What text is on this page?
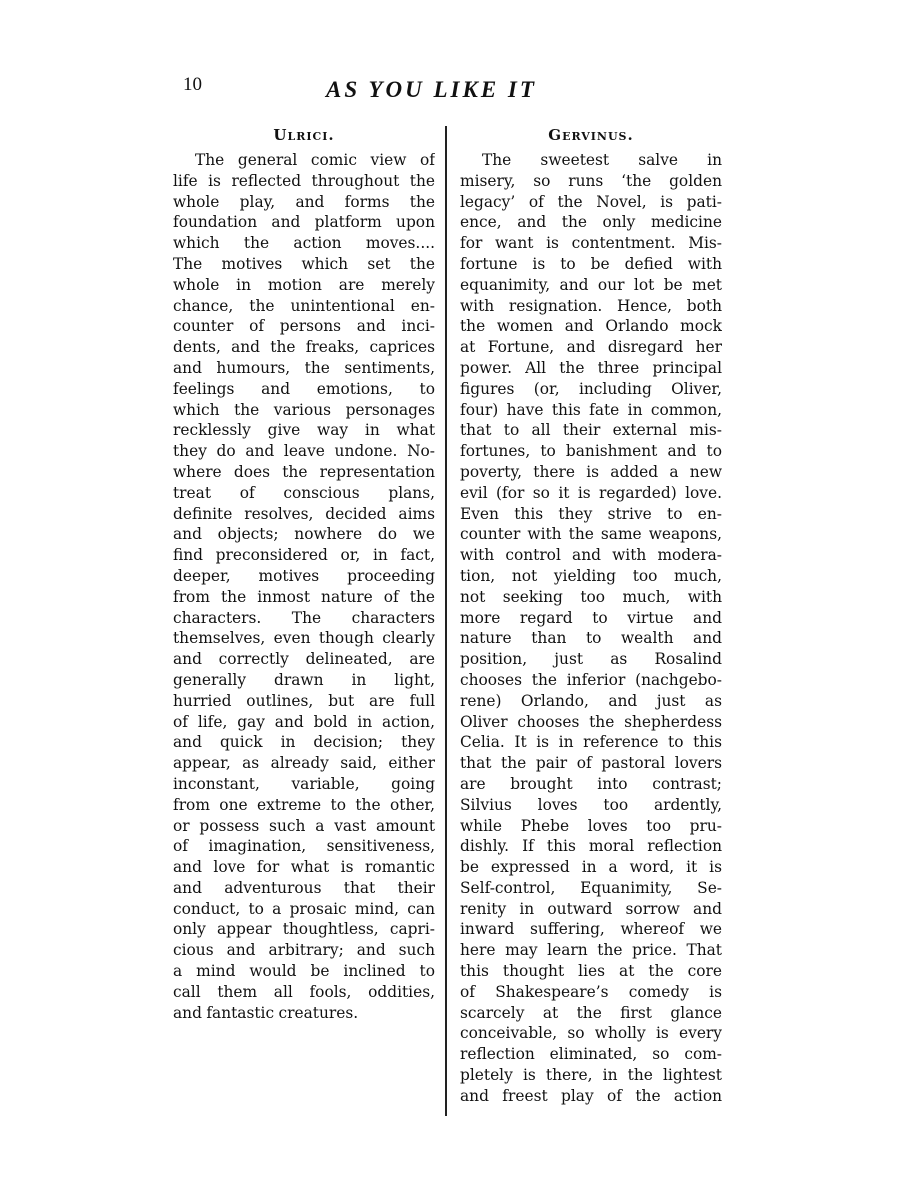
10	AS YOU LIKE IT
Ulrici.
The general comic view of
life is reflected throughout the
whole play, and forms the
foundation and platform upon
which the action moves....
The motives which set the
whole in motion are merely
chance, the unintentional en-
counter of persons and inci-
dents, and the freaks, caprices
and humours, the sentiments,
feelings and emotions, to
which the various personages
recklessly give way in what
they do and leave undone. No-
where does the representation
treat of conscious plans,
definite resolves, decided aims
and objects; nowhere do we
find preconsidered or, in fact,
deeper, motives proceeding
from the inmost nature of the
characters. The characters
themselves, even though clearly
and correctly delineated, are
generally drawn in light,
hurried outlines, but are full
of life, gay and bold in action,
and quick in decision; they
appear, as already said, either
inconstant, variable, going
from one extreme to the other,
or possess such a vast amount
of imagination, sensitiveness,
and love for what is romantic
and adventurous that their
conduct, to a prosaic mind, can
only appear thoughtless, capri-
cious and arbitrary; and such
a mind would be inclined to
call them all fools, oddities,
and fantastic creatures.
Gervinus.
The sweetest salve in
misery, so runs ‘the golden
legacy’ of the Novel, is pati-
ence, and the only medicine
for want is contentment. Mis-
fortune is to be defied with
equanimity, and our lot be met
with resignation. Hence, both
the women and Orlando mock
at Fortune, and disregard her
power. All the three principal
figures (or, including Oliver,
four) have this fate in common,
that to all their external mis-
fortunes, to banishment and to
poverty, there is added a new
evil (for so it is regarded) love.
Even this they strive to en-
counter with the same weapons,
with control and with modera-
tion, not yielding too much,
not seeking too much, with
more regard to virtue and
nature than to wealth and
position, just as Rosalind
chooses the inferior (nachgebo-
rene) Orlando, and just as
Oliver chooses the shepherdess
Celia. It is in reference to this
that the pair of pastoral lovers
are brought into contrast;
Silvius loves too ardently,
while Phebe loves too pru-
dishly. If this moral reflection
be expressed in a word, it is
Self-control, Equanimity, Se-
renity in outward sorrow and
inward suffering, whereof we
here may learn the price. That
this thought lies at the core
of Shakespeare’s comedy is
scarcely at the first glance
conceivable, so wholly is every
reflection eliminated, so com-
pletely is there, in the lightest
and freest play of the action
